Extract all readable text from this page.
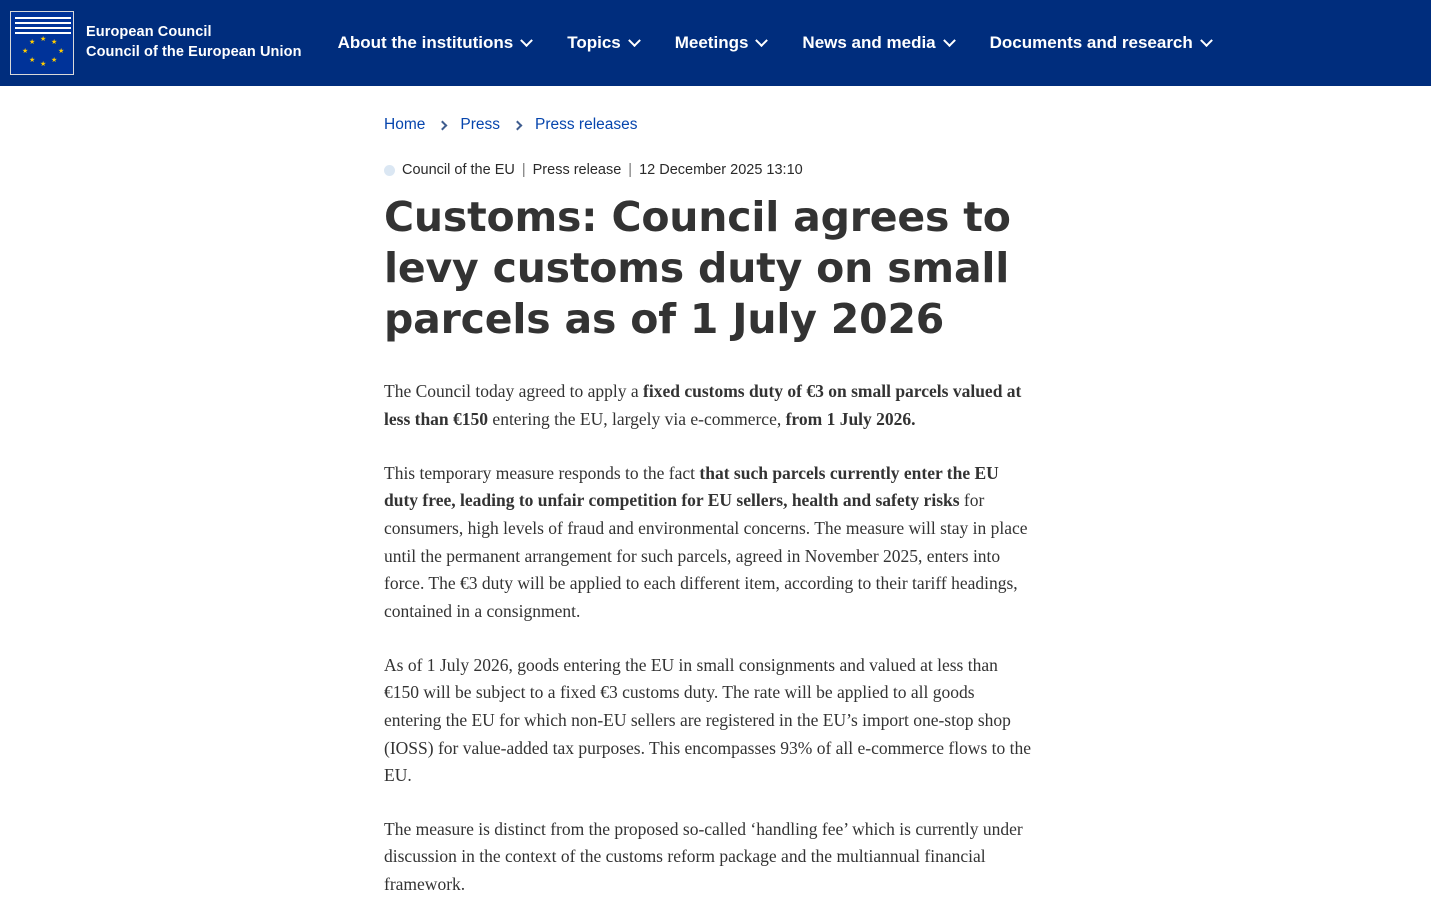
★ ★
★
★
★
★
★
★
European Council
Council of the European Union About the institutions	Topics	Meetings	News and media	Documents and research
Home Press Press releases
Council of the EU | Press release | 12 December 2025 13:10
Customs: Council agrees to levy customs duty on small parcels as of 1 July 2026

The Council today agreed to apply a fixed customs duty of €3 on small parcels valued at less than €150 entering the EU, largely via e-commerce, from 1 July 2026.

This temporary measure responds to the fact that such parcels currently enter the EU duty free, leading to unfair competition for EU sellers, health and safety risks for consumers, high levels of fraud and environmental concerns. The measure will stay in place until the permanent arrangement for such parcels, agreed in November 2025, enters into force. The €3 duty will be applied to each different item, according to their tariff headings, contained in a consignment.

As of 1 July 2026, goods entering the EU in small consignments and valued at less than €150 will be subject to a fixed €3 customs duty. The rate will be applied to all goods entering the EU for which non-EU sellers are registered in the EU’s import one-stop shop (IOSS) for value-added tax purposes. This encompasses 93% of all e-commerce flows to the EU.

The measure is distinct from the proposed so-called ‘handling fee’ which is currently under discussion in the context of the customs reform package and the multiannual financial framework.
